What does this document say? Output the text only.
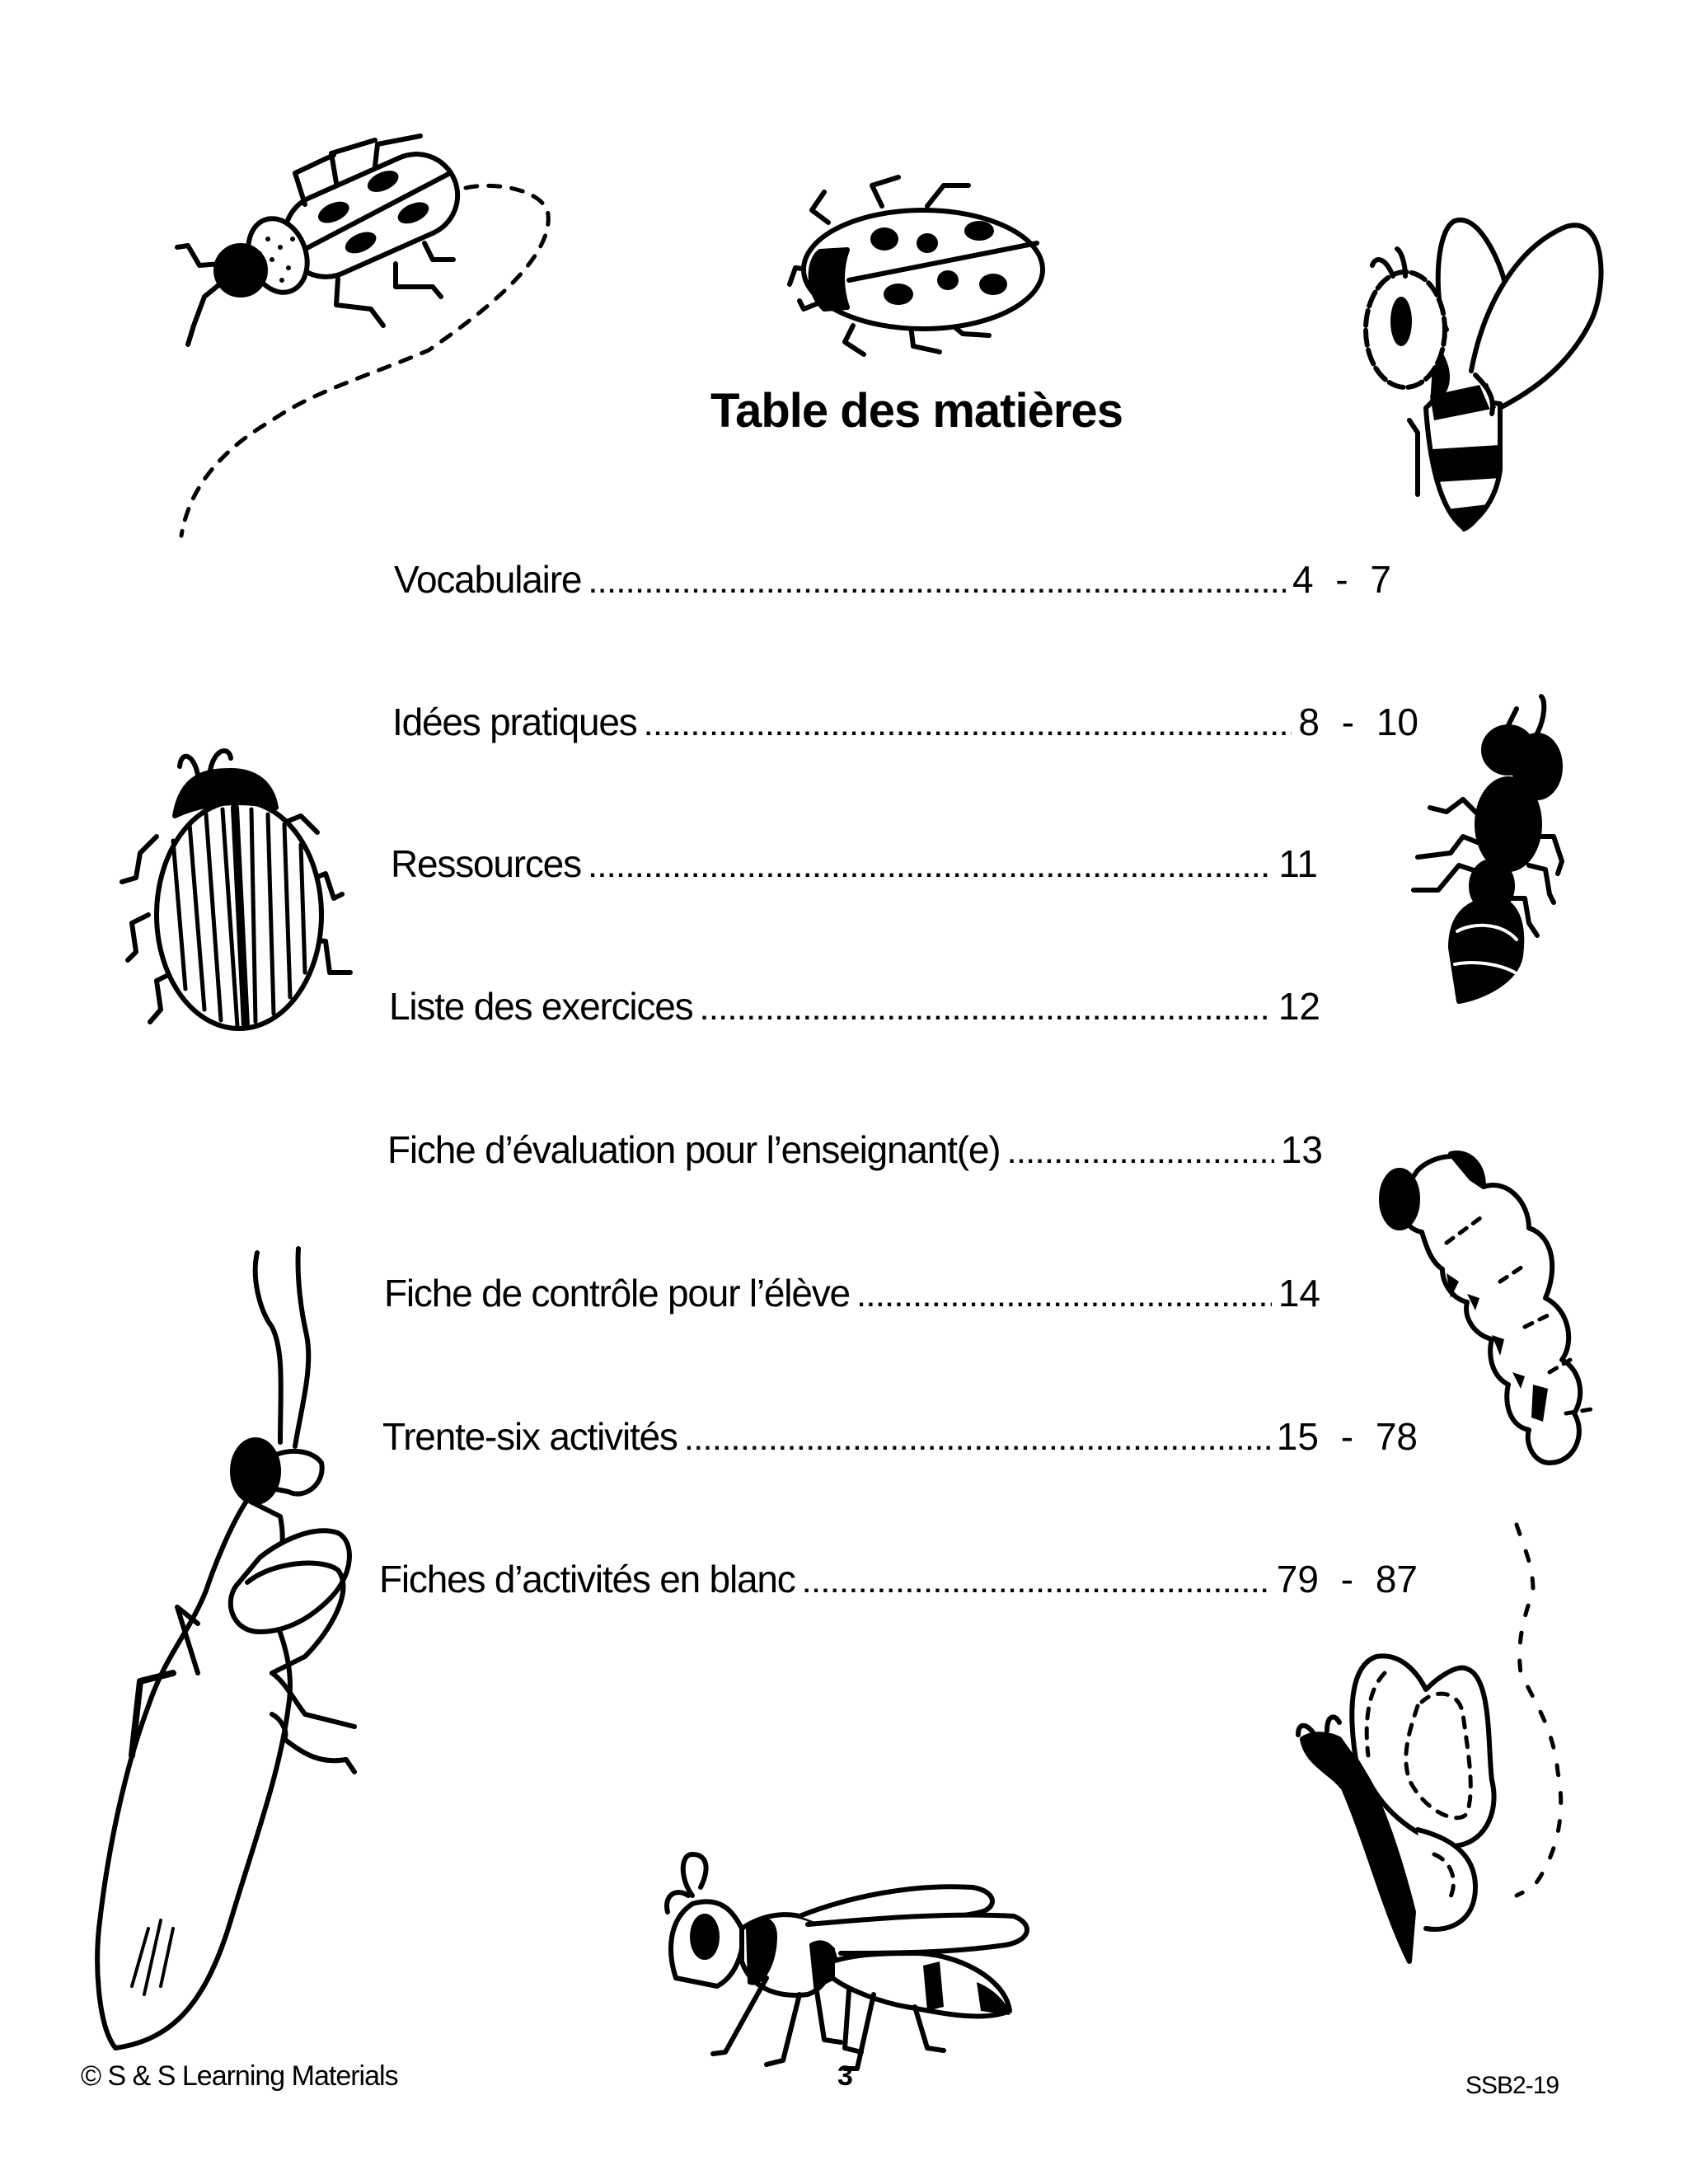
Table des matières
Vocabulaire .....	4 - 7
Idées pratiques .....	8 - 10
Ressources .....	11
Liste des exercices .....	12
Fiche d’évaluation pour l’enseignant(e) .....	13
Fiche de contrôle pour l’élève .....	14
Trente-six activités .....	15 - 78
Fiches d’activités en blanc .....	79 - 87
© S & S Learning Materials	3	SSB2-19
